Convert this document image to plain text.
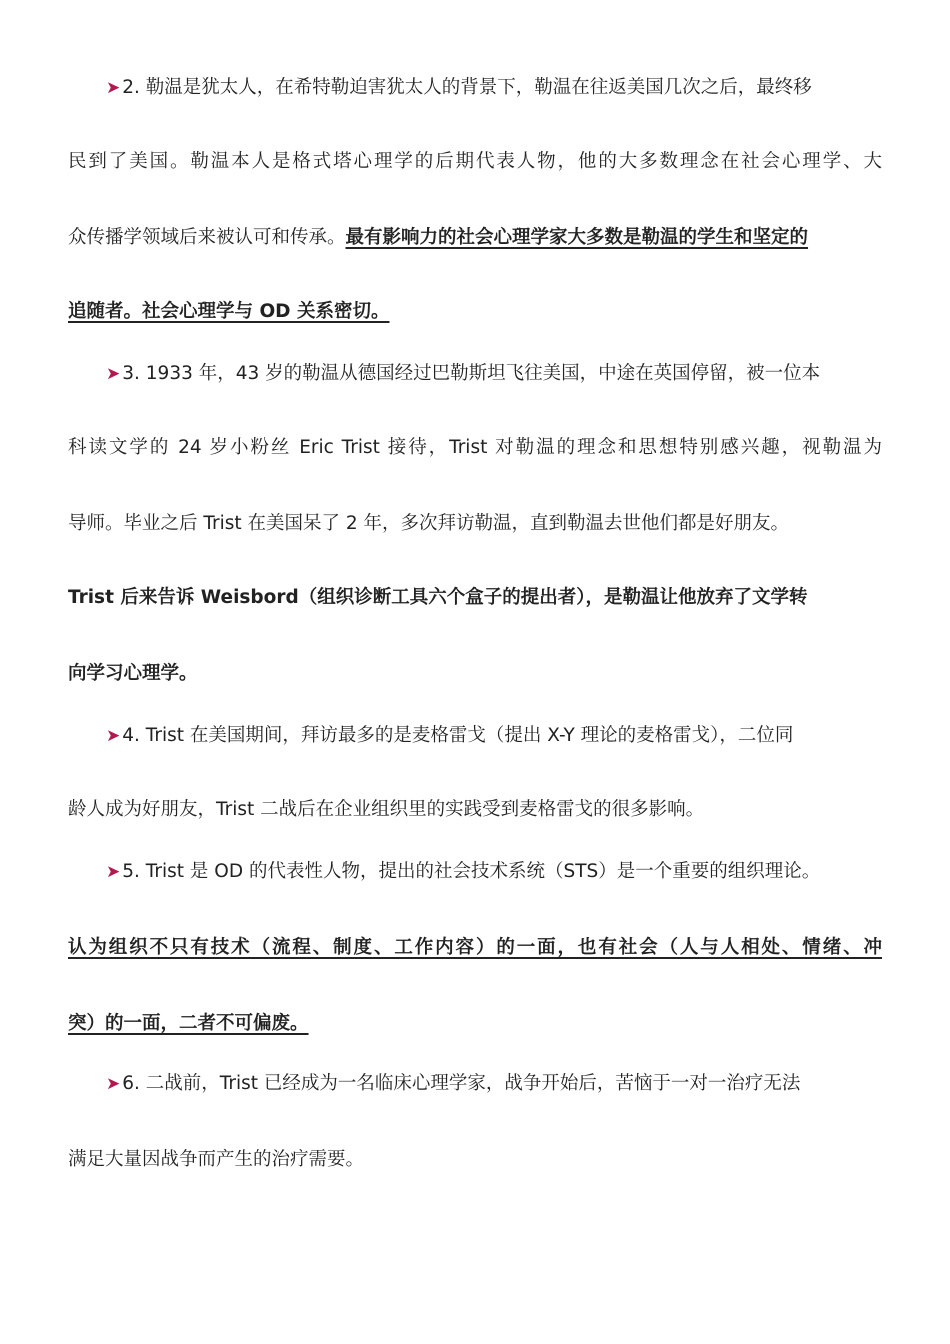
➤ 2. 勒温是犹太人，在希特勒迫害犹太人的背景下，勒温在往返美国几次之后，最终移
民到了美国。勒温本人是格式塔心理学的后期代表人物，他的大多数理念在社会心理学、大
众传播学领域后来被认可和传承。最有影响力的社会心理学家大多数是勒温的学生和坚定的
追随者。社会心理学与 OD 关系密切。
➤ 3. 1933 年，43 岁的勒温从德国经过巴勒斯坦飞往美国，中途在英国停留，被一位本
科读文学的 24 岁小粉丝 Eric Trist 接待，Trist 对勒温的理念和思想特别感兴趣，视勒温为
导师。毕业之后 Trist 在美国呆了 2 年，多次拜访勒温，直到勒温去世他们都是好朋友。
Trist 后来告诉 Weisbord（组织诊断工具六个盒子的提出者），是勒温让他放弃了文学转
向学习心理学。
➤ 4. Trist 在美国期间，拜访最多的是麦格雷戈（提出 X-Y 理论的麦格雷戈），二位同
龄人成为好朋友，Trist 二战后在企业组织里的实践受到麦格雷戈的很多影响。
➤ 5. Trist 是 OD 的代表性人物，提出的社会技术系统（STS）是一个重要的组织理论。
认为组织不只有技术（流程、制度、工作内容）的一面，也有社会（人与人相处、情绪、冲
突）的一面，二者不可偏废。
➤ 6. 二战前，Trist 已经成为一名临床心理学家，战争开始后，苦恼于一对一治疗无法
满足大量因战争而产生的治疗需要。
